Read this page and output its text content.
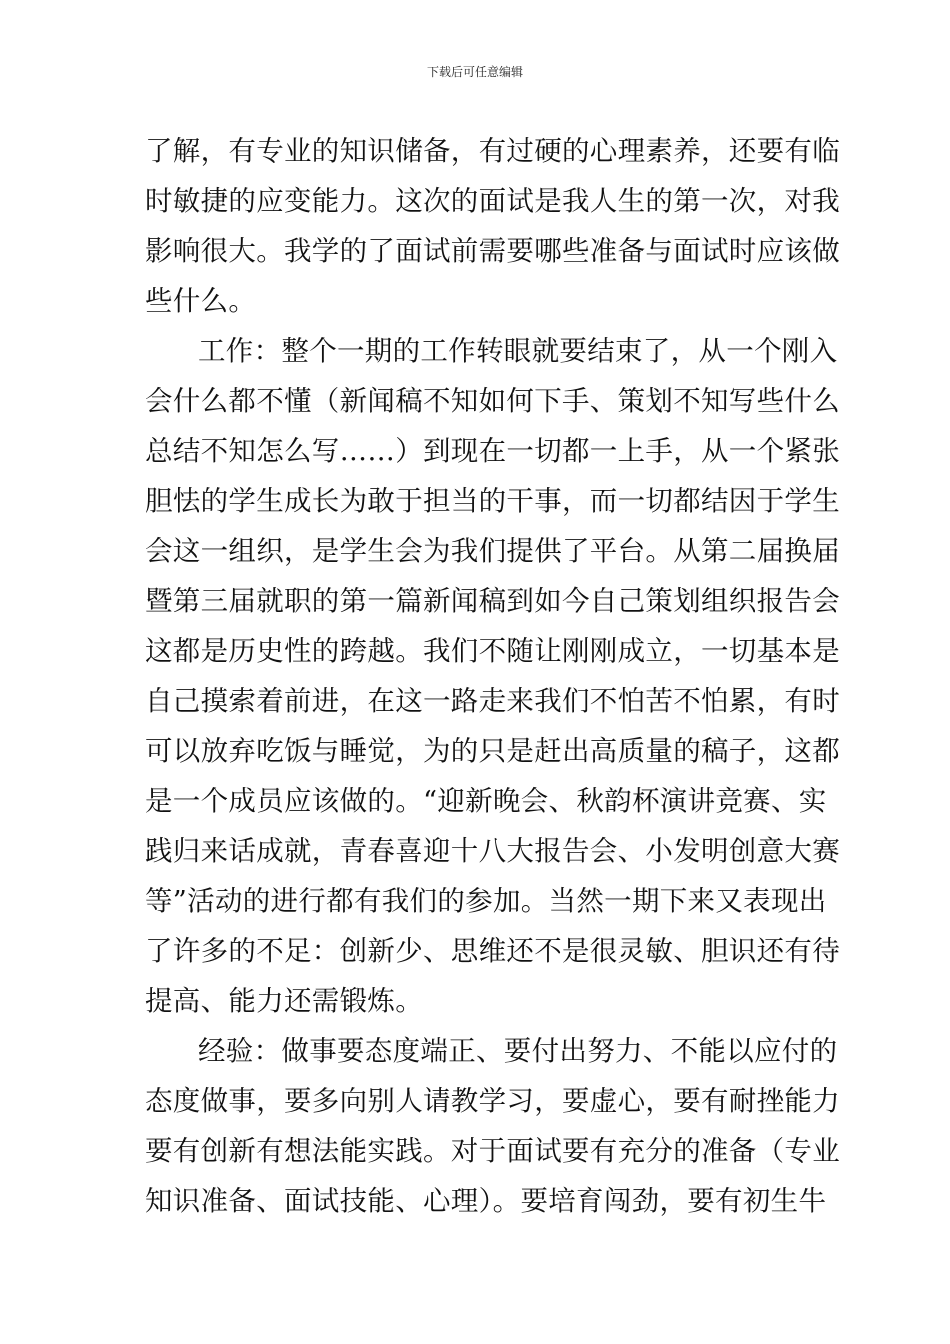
下载后可任意编辑
了解，有专业的知识储备，有过硬的心理素养，还要有临
时敏捷的应变能力。这次的面试是我人生的第一次，对我
影响很大。我学的了面试前需要哪些准备与面试时应该做
些什么。
工作：整个一期的工作转眼就要结束了，从一个刚入
会什么都不懂（新闻稿不知如何下手、策划不知写些什么
总结不知怎么写……）到现在一切都一上手，从一个紧张
胆怯的学生成长为敢于担当的干事，而一切都结因于学生
会这一组织，是学生会为我们提供了平台。从第二届换届
暨第三届就职的第一篇新闻稿到如今自己策划组织报告会
这都是历史性的跨越。我们不随让刚刚成立，一切基本是
自己摸索着前进，在这一路走来我们不怕苦不怕累，有时
可以放弃吃饭与睡觉，为的只是赶出高质量的稿子，这都
是一个成员应该做的。“迎新晚会、秋韵杯演讲竞赛、实
践归来话成就，青春喜迎十八大报告会、小发明创意大赛
等”活动的进行都有我们的参加。当然一期下来又表现出
了许多的不足：创新少、思维还不是很灵敏、胆识还有待
提高、能力还需锻炼。
经验：做事要态度端正、要付出努力、不能以应付的
态度做事，要多向别人请教学习，要虚心，要有耐挫能力
要有创新有想法能实践。对于面试要有充分的准备（专业
知识准备、面试技能、心理）。要培育闯劲，要有初生牛
